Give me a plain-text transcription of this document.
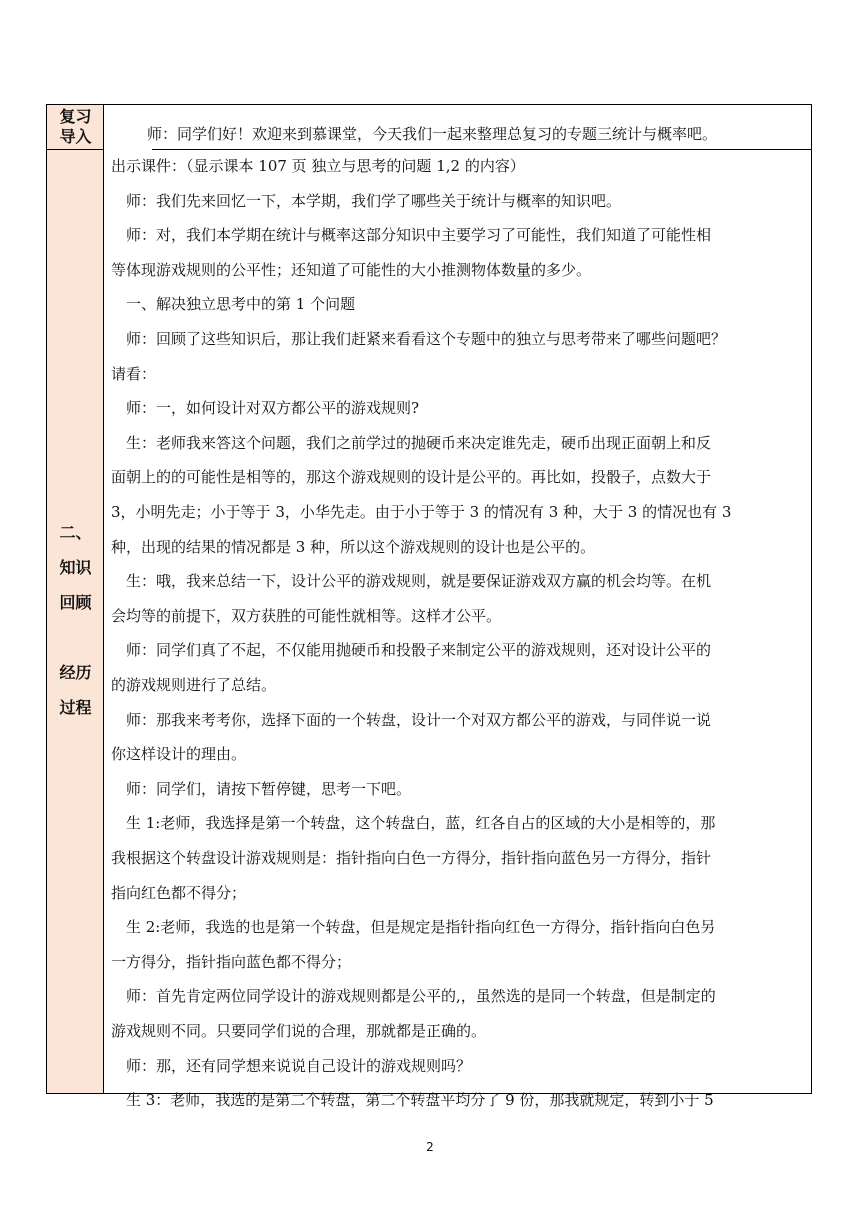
复习
导入	师：同学们好！欢迎来到慕课堂，今天我们一起来整理总复习的专题三统计与概率吧。
二、
知识
回顾
经历
过程
出示课件：（显示课本 107 页 独立与思考的问题 1,2 的内容）
　师：我们先来回忆一下，本学期，我们学了哪些关于统计与概率的知识吧。
　师：对，我们本学期在统计与概率这部分知识中主要学习了可能性，我们知道了可能性相
等体现游戏规则的公平性；还知道了可能性的大小推测物体数量的多少。
　一、解决独立思考中的第 1 个问题
　师：回顾了这些知识后，那让我们赶紧来看看这个专题中的独立与思考带来了哪些问题吧？
请看：
　师：一，如何设计对双方都公平的游戏规则?
　生：老师我来答这个问题，我们之前学过的抛硬币来决定谁先走，硬币出现正面朝上和反
面朝上的的可能性是相等的，那这个游戏规则的设计是公平的。再比如，投骰子，点数大于
3，小明先走；小于等于 3，小华先走。由于小于等于 3 的情况有 3 种，大于 3 的情况也有 3
种，出现的结果的情况都是 3 种，所以这个游戏规则的设计也是公平的。
　生：哦，我来总结一下，设计公平的游戏规则，就是要保证游戏双方赢的机会均等。在机
会均等的前提下，双方获胜的可能性就相等。这样才公平。
　师：同学们真了不起，不仅能用抛硬币和投骰子来制定公平的游戏规则，还对设计公平的
的游戏规则进行了总结。
　师：那我来考考你，选择下面的一个转盘，设计一个对双方都公平的游戏，与同伴说一说
你这样设计的理由。
　师：同学们，请按下暂停键，思考一下吧。
　生 1:老师，我选择是第一个转盘，这个转盘白，蓝，红各自占的区域的大小是相等的，那
我根据这个转盘设计游戏规则是：指针指向白色一方得分，指针指向蓝色另一方得分，指针
指向红色都不得分；
　生 2:老师，我选的也是第一个转盘，但是规定是指针指向红色一方得分，指针指向白色另
一方得分，指针指向蓝色都不得分；
　师：首先肯定两位同学设计的游戏规则都是公平的,，虽然选的是同一个转盘，但是制定的
游戏规则不同。只要同学们说的合理，那就都是正确的。
　师：那，还有同学想来说说自己设计的游戏规则吗？
　生 3：老师，我选的是第二个转盘，第二个转盘平均分了 9 份，那我就规定，转到小于 5
2
